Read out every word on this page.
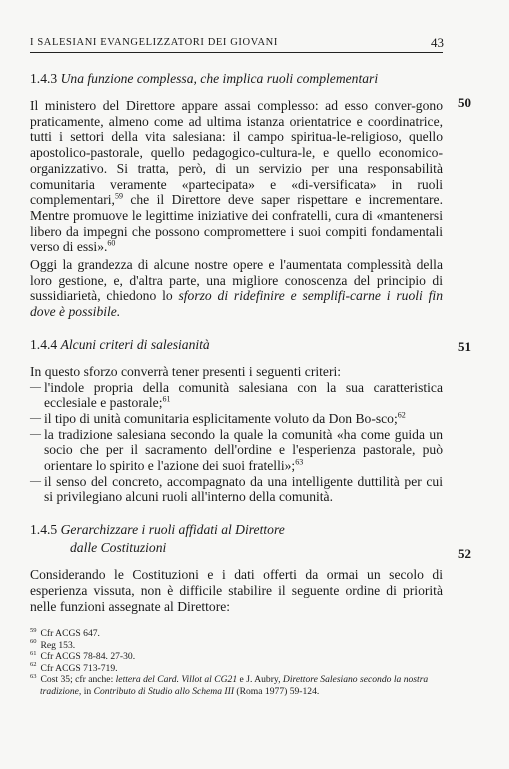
I SALESIANI EVANGELIZZATORI DEI GIOVANI	43
50
51
52
1.4.3 Una funzione complessa, che implica ruoli complementari

Il ministero del Direttore appare assai complesso: ad esso conver-gono praticamente, almeno come ad ultima istanza orientatrice e coordinatrice, tutti i settori della vita salesiana: il campo spiritua-le-religioso, quello apostolico-pastorale, quello pedagogico-cultura-le, e quello economico-organizzativo. Si tratta, però, di un servizio per una responsabilità comunitaria veramente «partecipata» e «di-versificata» in ruoli complementari,$^{59}$ che il Direttore deve saper rispettare e incrementare. Mentre promuove le legittime iniziative dei confratelli, cura di «mantenersi libero da impegni che possono compromettere i suoi compiti fondamentali verso di essi».$^{60}$

Oggi la grandezza di alcune nostre opere e l'aumentata complessità della loro gestione, e, d'altra parte, una migliore conoscenza del principio di sussidiarietà, chiedono lo sforzo di ridefinire e semplifi-carne i ruoli fin dove è possibile.

1.4.4 Alcuni criteri di salesianità

In questo sforzo converrà tener presenti i seguenti criteri:

— l'indole propria della comunità salesiana con la sua caratteristica ecclesiale e pastorale;$^{61}$
— il tipo di unità comunitaria esplicitamente voluto da Don Bo-sco;$^{62}$
— la tradizione salesiana secondo la quale la comunità «ha come guida un socio che per il sacramento dell'ordine e l'esperienza pastorale, può orientare lo spirito e l'azione dei suoi fratelli»;$^{63}$
— il senso del concreto, accompagnato da una intelligente duttilità per cui si privilegiano alcuni ruoli all'interno della comunità.
1.4.5 Gerarchizzare i ruoli affidati al Direttore
dalle Costituzioni

Considerando le Costituzioni e i dati offerti da ormai un secolo di esperienza vissuta, non è difficile stabilire il seguente ordine di priorità nelle funzioni assegnate al Direttore:

$^{59}$ Cfr ACGS 647.
$^{60}$ Reg 153.
$^{61}$ Cfr ACGS 78-84. 27-30.
$^{62}$ Cfr ACGS 713-719.
$^{63}$ Cost 35; cfr anche: lettera del Card. Villot al CG21 e J. Aubry, Direttore Salesiano secondo la nostra tradizione, in Contributo di Studio allo Schema III (Roma 1977) 59-124.
